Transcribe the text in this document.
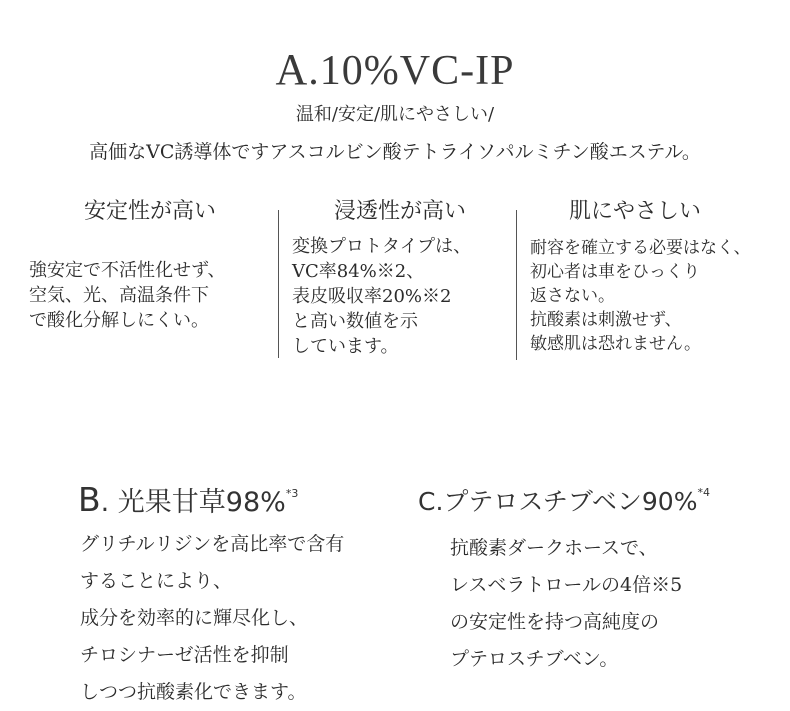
A.10%VC-IP
温和/安定/肌にやさしい/
高価なVC誘導体ですアスコルビン酸テトライソパルミチン酸エステル。
安定性が高い
強安定で不活性化せず、
空気、光、高温条件下
で酸化分解しにくい。
浸透性が高い
変換プロトタイプは、
VC率84%※2、
表皮吸収率20%※2
と高い数値を示
しています。
肌にやさしい
耐容を確立する必要はなく、
初心者は車をひっくり
返さない。
抗酸素は刺激せず、
敏感肌は恐れません。
B. 光果甘草98%$^{*3}$
グリチルリジンを高比率で含有
することにより、
成分を効率的に輝尽化し、
チロシナーゼ活性を抑制
しつつ抗酸素化できます。
C.プテロスチブベン90%$^{*4}$
抗酸素ダークホースで、
レスベラトロールの4倍※5
の安定性を持つ高純度の
プテロスチブベン。
